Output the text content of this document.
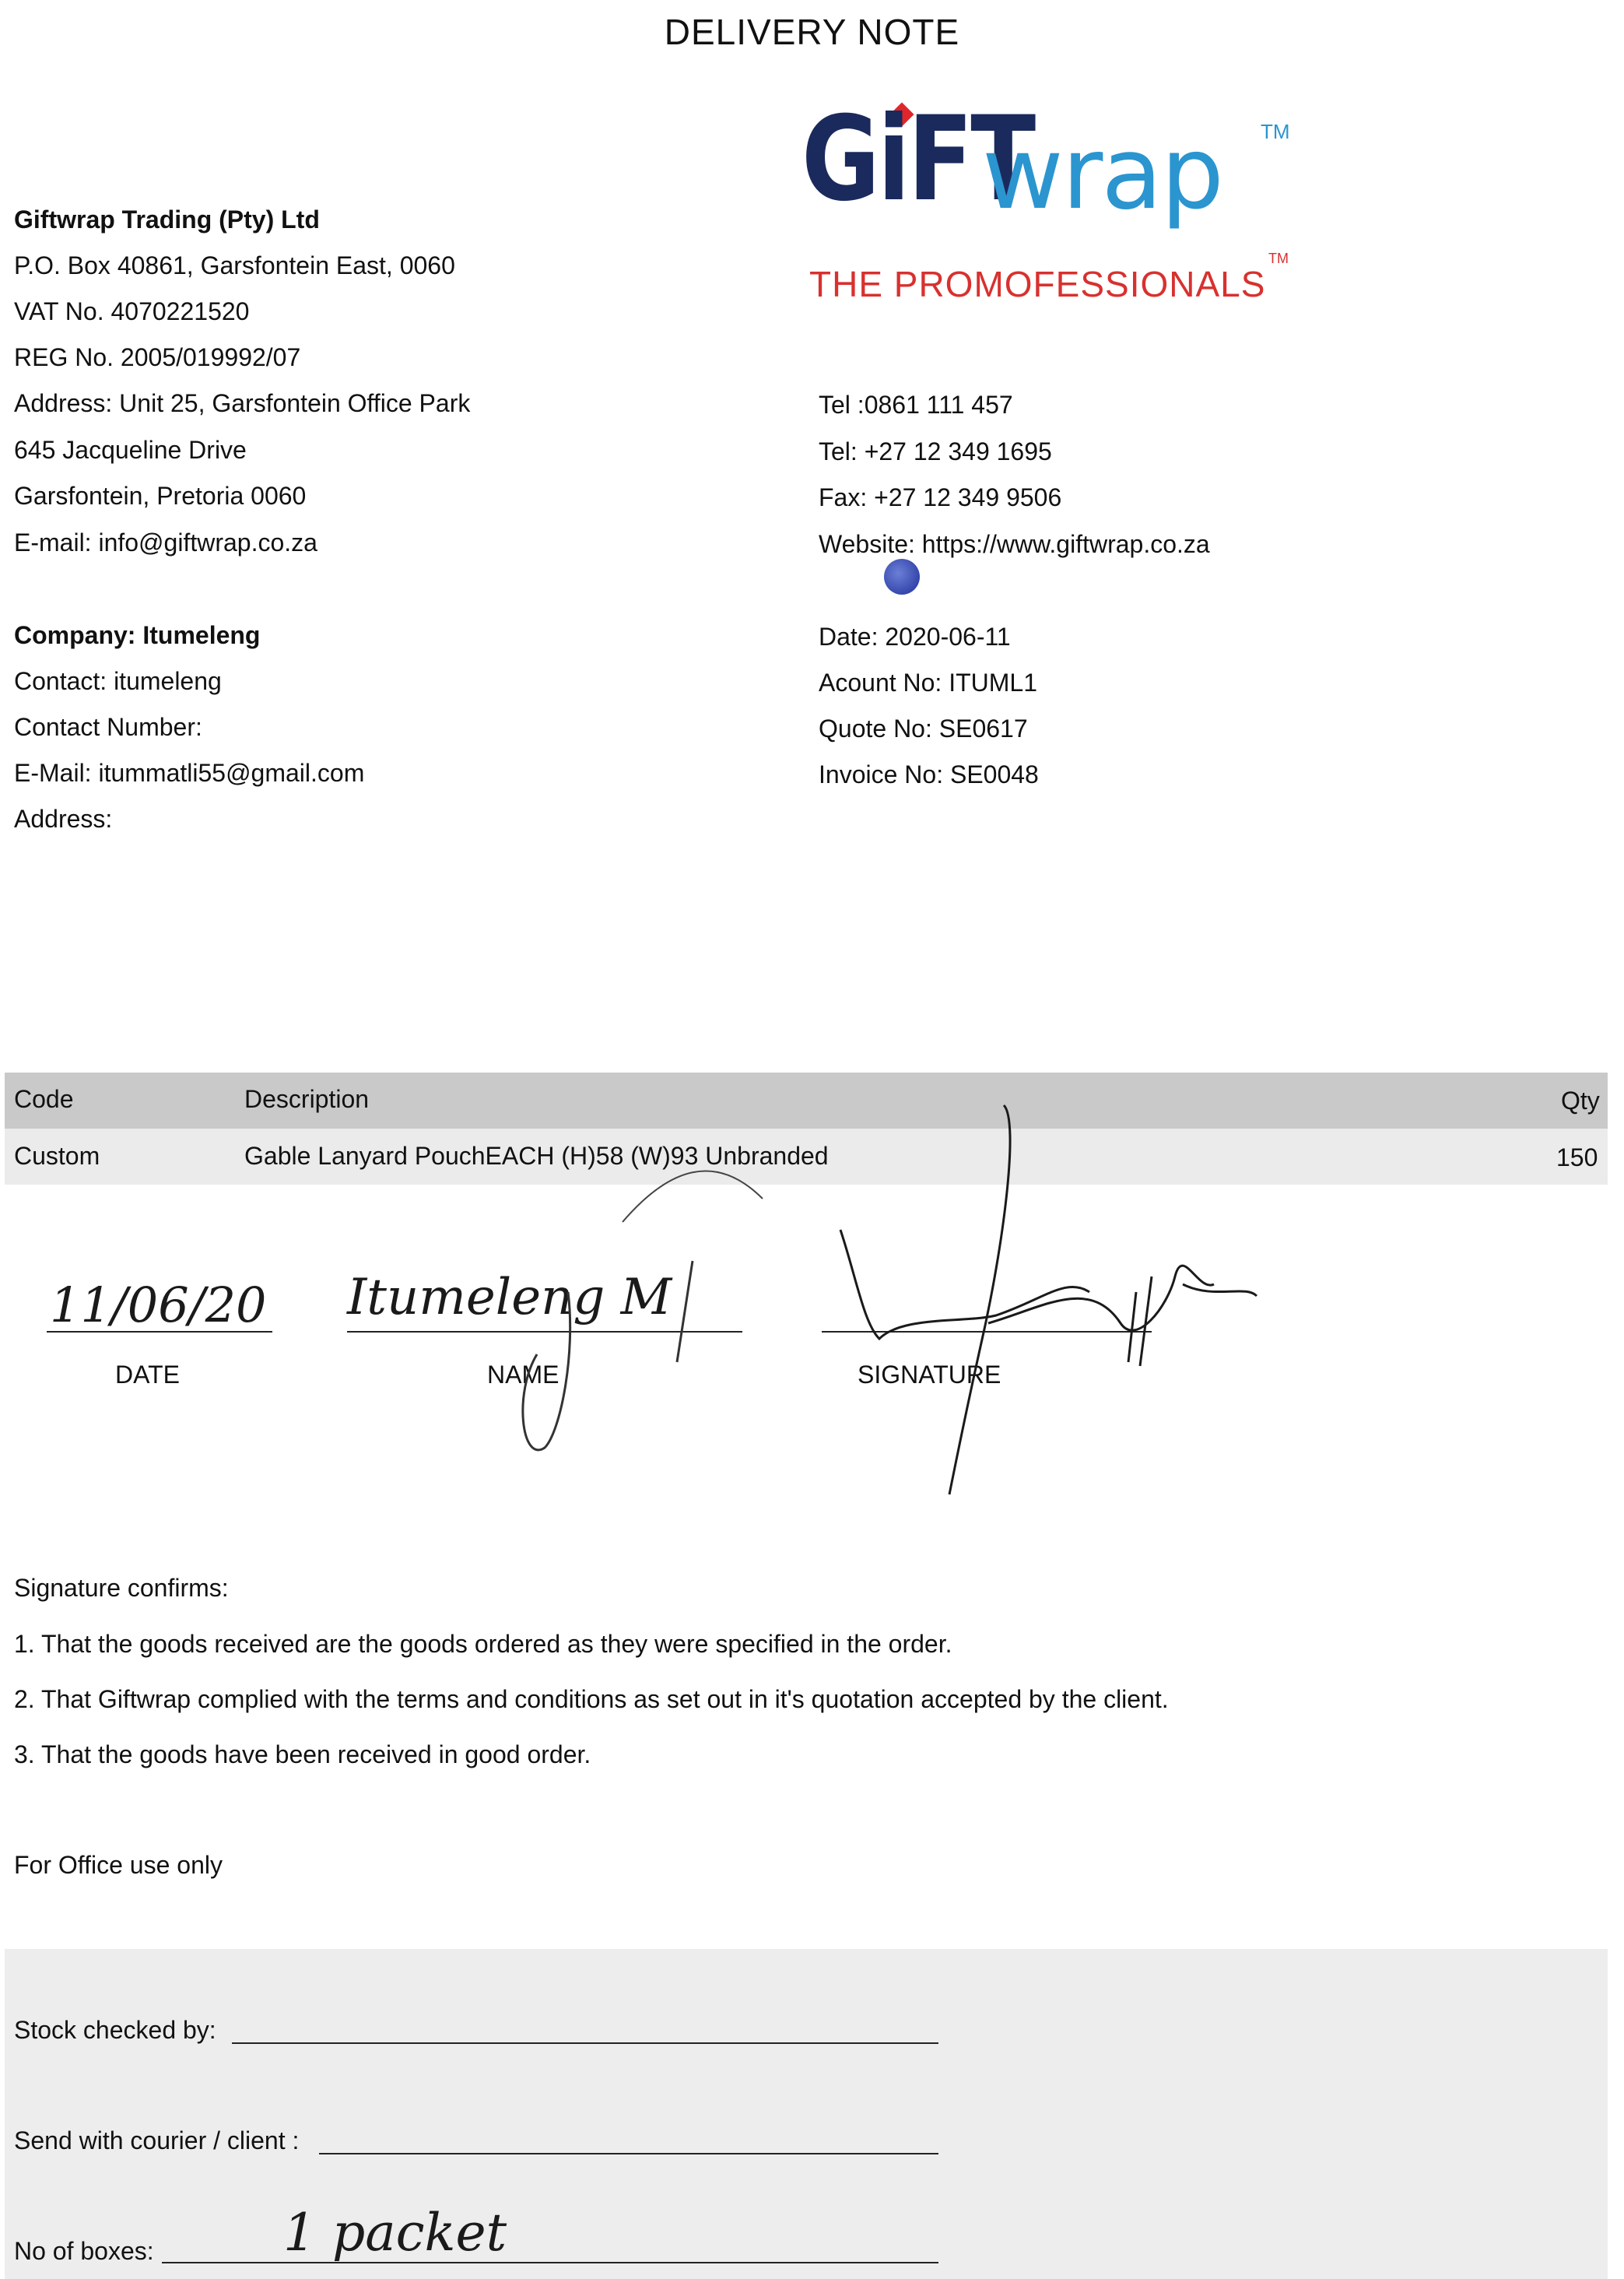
DELIVERY NOTE
GiFT
wrap TM
THE PROMOFESSIONALS
TM
Giftwrap Trading (Pty) Ltd
P.O. Box 40861, Garsfontein East, 0060
VAT No. 4070221520
REG No. 2005/019992/07
Address: Unit 25, Garsfontein Office Park
645 Jacqueline Drive
Garsfontein, Pretoria 0060
E-mail: info@giftwrap.co.za
Tel :0861 111 457
Tel: +27 12 349 1695
Fax: +27 12 349 9506
Website: https://www.giftwrap.co.za
Company: Itumeleng
Contact: itumeleng
Contact Number:
E-Mail: itummatli55@gmail.com
Address:
Date: 2020-06-11
Acount No: ITUML1
Quote No: SE0617
Invoice No: SE0048
Code	Description	Qty
Custom	Gable Lanyard PouchEACH (H)58 (W)93 Unbranded	150
DATE	NAME	SIGNATURE
11/06/20 Itumeleng M
Signature confirms:
1. That the goods received are the goods ordered as they were specified in the order.
2. That Giftwrap complied with the terms and conditions as set out in it's quotation accepted by the client.
3. That the goods have been received in good order.
For Office use only
Stock checked by:
Send with courier / client :
No of boxes:	1 packet
